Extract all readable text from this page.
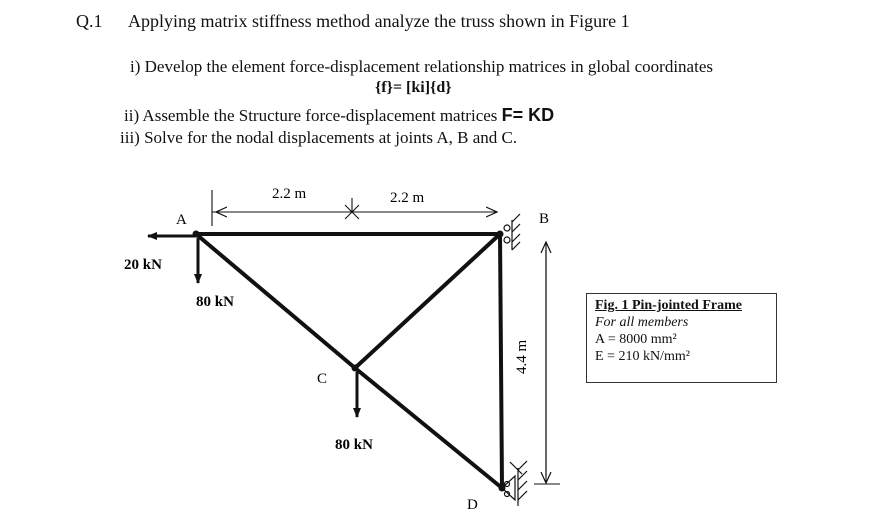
Q.1 Applying matrix stiffness method analyze the truss shown in Figure 1
i) Develop the element force-displacement relationship matrices in global coordinates
{f}= [ki]{d}
ii) Assemble the Structure force-displacement matrices F= KD
iii) Solve for the nodal displacements at joints A, B and C.
A	B
C
D
2.2 m	2.2 m
4.4 m
20 kN
80 kN
80 kN
Fig. 1 Pin-jointed Frame
For all members
A = 8000 mm²
E = 210 kN/mm²
